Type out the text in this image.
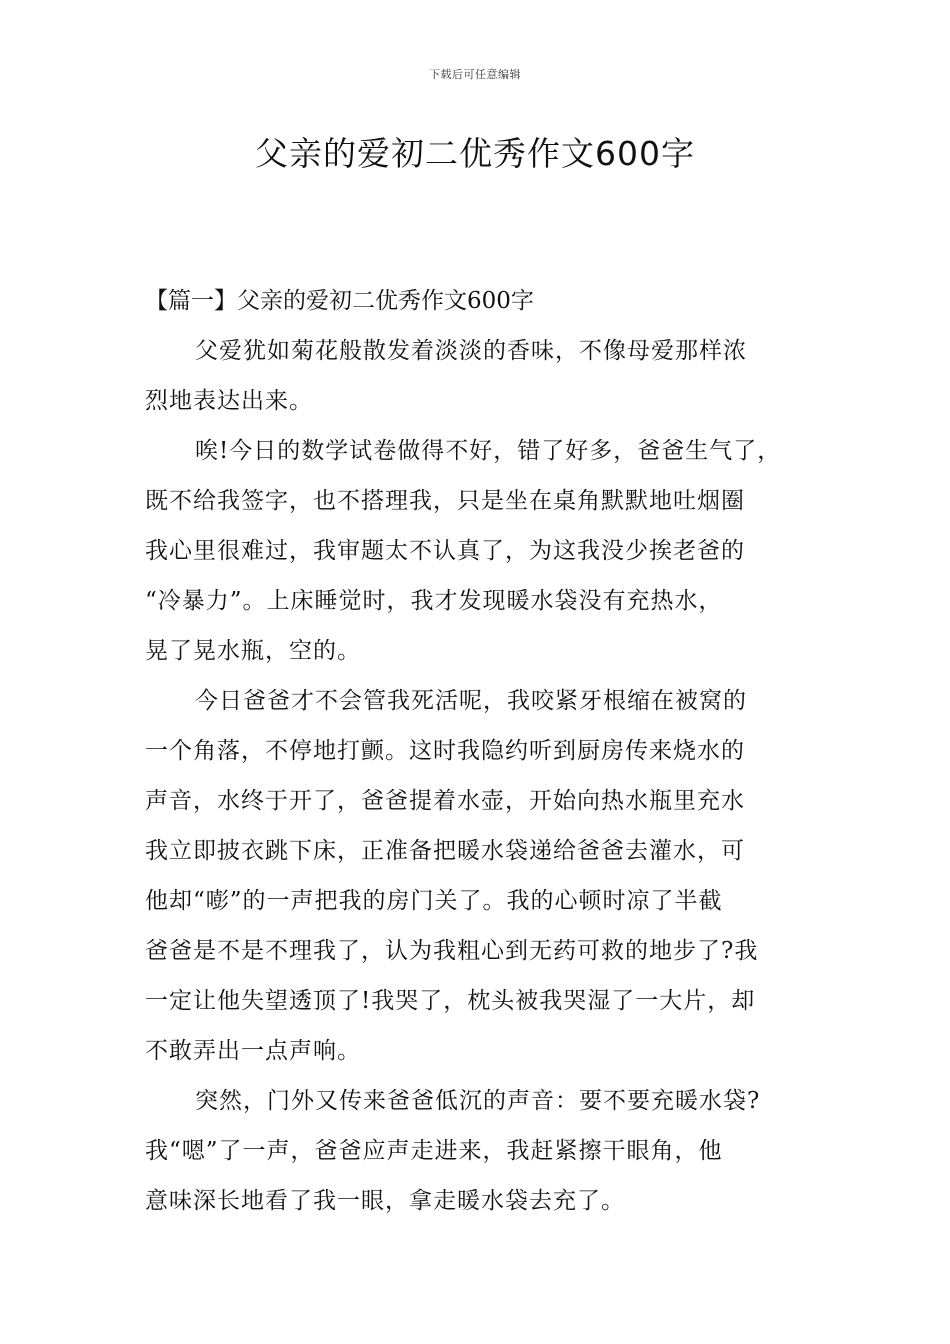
下载后可任意编辑
父亲的爱初二优秀作文600字
【篇一】父亲的爱初二优秀作文600字
父爱犹如菊花般散发着淡淡的香味，不像母爱那样浓
烈地表达出来。
唉!今日的数学试卷做得不好，错了好多，爸爸生气了，
既不给我签字，也不搭理我，只是坐在桌角默默地吐烟圈
我心里很难过，我审题太不认真了，为这我没少挨老爸的
“冷暴力”。上床睡觉时，我才发现暖水袋没有充热水，
晃了晃水瓶，空的。
今日爸爸才不会管我死活呢，我咬紧牙根缩在被窝的
一个角落，不停地打颤。这时我隐约听到厨房传来烧水的
声音，水终于开了，爸爸提着水壶，开始向热水瓶里充水
我立即披衣跳下床，正准备把暖水袋递给爸爸去灌水，可
他却“嘭”的一声把我的房门关了。我的心顿时凉了半截
爸爸是不是不理我了，认为我粗心到无药可救的地步了?我
一定让他失望透顶了!我哭了，枕头被我哭湿了一大片，却
不敢弄出一点声响。
突然，门外又传来爸爸低沉的声音：要不要充暖水袋?
我“嗯”了一声，爸爸应声走进来，我赶紧擦干眼角，他
意味深长地看了我一眼，拿走暖水袋去充了。
